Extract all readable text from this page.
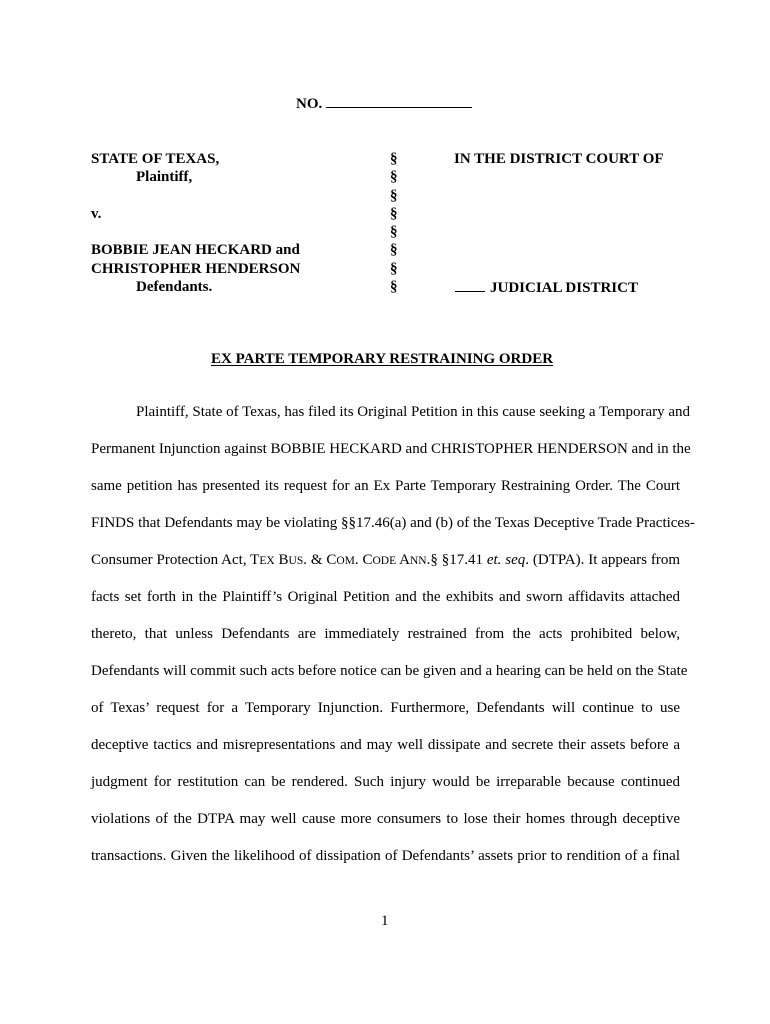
NO.
STATE OF TEXAS,
Plaintiff,
v.
BOBBIE JEAN HECKARD and
CHRISTOPHER HENDERSON
Defendants.
§
§
§
§
§
§
§
§
IN THE DISTRICT COURT OF
JUDICIAL DISTRICT
EX PARTE TEMPORARY RESTRAINING ORDER
Plaintiff, State of Texas, has filed its Original Petition in this cause seeking a Temporary and
Permanent Injunction against BOBBIE HECKARD and CHRISTOPHER HENDERSON and in the
same petition has presented its request for an Ex Parte Temporary Restraining Order. The Court
FINDS that Defendants may be violating §§17.46(a) and (b) of the Texas Deceptive Trade Practices-
Consumer Protection Act, TEX BUS. & COM. CODE ANN.§ §17.41 et. seq. (DTPA). It appears from
facts set forth in the Plaintiff’s Original Petition and the exhibits and sworn affidavits attached
thereto, that unless Defendants are immediately restrained from the acts prohibited below,
Defendants will commit such acts before notice can be given and a hearing can be held on the State
of Texas’ request for a Temporary Injunction. Furthermore, Defendants will continue to use
deceptive tactics and misrepresentations and may well dissipate and secrete their assets before a
judgment for restitution can be rendered. Such injury would be irreparable because continued
violations of the DTPA may well cause more consumers to lose their homes through deceptive
transactions. Given the likelihood of dissipation of Defendants’ assets prior to rendition of a final
1
